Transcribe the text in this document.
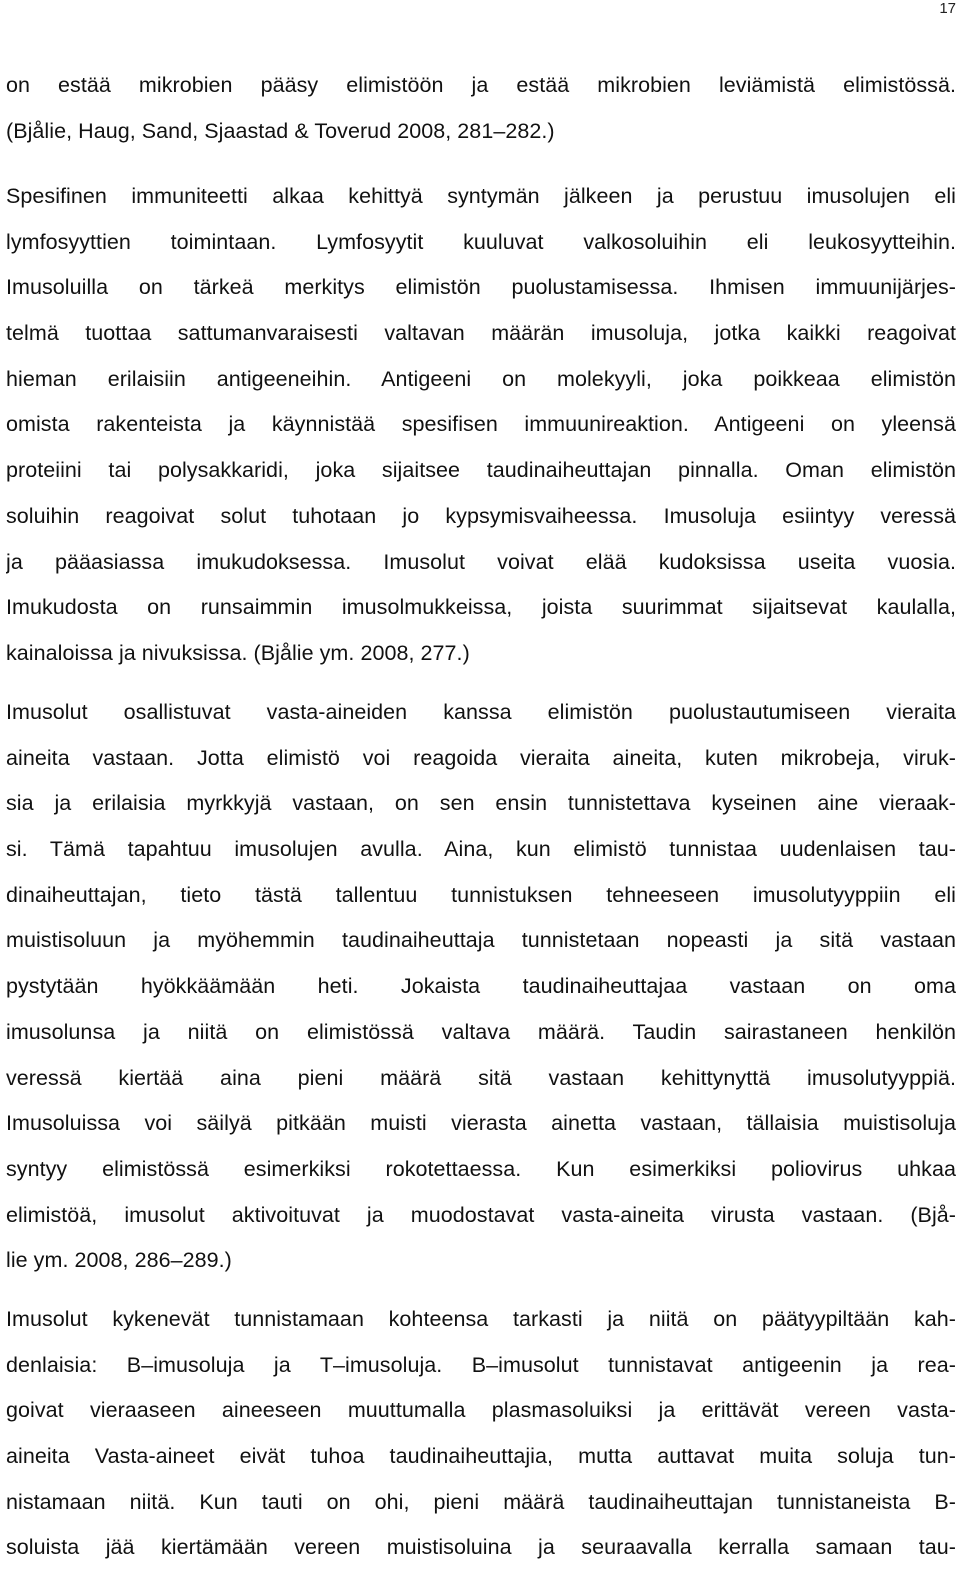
17
on estää mikrobien pääsy elimistöön ja estää mikrobien leviämistä elimistössä.
(Bjålie, Haug, Sand, Sjaastad & Toverud 2008, 281–282.)
Spesifinen immuniteetti alkaa kehittyä syntymän jälkeen ja perustuu imusolujen eli
lymfosyyttien toimintaan. Lymfosyytit kuuluvat valkosoluihin eli leukosyytteihin.
Imusoluilla on tärkeä merkitys elimistön puolustamisessa. Ihmisen immuunijärjes-
telmä tuottaa sattumanvaraisesti valtavan määrän imusoluja, jotka kaikki reagoivat
hieman erilaisiin antigeeneihin. Antigeeni on molekyyli, joka poikkeaa elimistön
omista rakenteista ja käynnistää spesifisen immuunireaktion. Antigeeni on yleensä
proteiini tai polysakkaridi, joka sijaitsee taudinaiheuttajan pinnalla. Oman elimistön
soluihin reagoivat solut tuhotaan jo kypsymisvaiheessa. Imusoluja esiintyy veressä
ja pääasiassa imukudoksessa. Imusolut voivat elää kudoksissa useita vuosia.
Imukudosta on runsaimmin imusolmukkeissa, joista suurimmat sijaitsevat kaulalla,
kainaloissa ja nivuksissa. (Bjålie ym. 2008, 277.)
Imusolut osallistuvat vasta-aineiden kanssa elimistön puolustautumiseen vieraita
aineita vastaan. Jotta elimistö voi reagoida vieraita aineita, kuten mikrobeja, viruk-
sia ja erilaisia myrkkyjä vastaan, on sen ensin tunnistettava kyseinen aine vieraak-
si. Tämä tapahtuu imusolujen avulla. Aina, kun elimistö tunnistaa uudenlaisen tau-
dinaiheuttajan, tieto tästä tallentuu tunnistuksen tehneeseen imusolutyyppiin eli
muistisoluun ja myöhemmin taudinaiheuttaja tunnistetaan nopeasti ja sitä vastaan
pystytään hyökkäämään heti. Jokaista taudinaiheuttajaa vastaan on oma
imusolunsa ja niitä on elimistössä valtava määrä. Taudin sairastaneen henkilön
veressä kiertää aina pieni määrä sitä vastaan kehittynyttä imusolutyyppiä.
Imusoluissa voi säilyä pitkään muisti vierasta ainetta vastaan, tällaisia muistisoluja
syntyy elimistössä esimerkiksi rokotettaessa. Kun esimerkiksi poliovirus uhkaa
elimistöä, imusolut aktivoituvat ja muodostavat vasta-aineita virusta vastaan. (Bjå-
lie ym. 2008, 286–289.)
Imusolut kykenevät tunnistamaan kohteensa tarkasti ja niitä on päätyypiltään kah-
denlaisia: B–imusoluja ja T–imusoluja. B–imusolut tunnistavat antigeenin ja rea-
goivat vieraaseen aineeseen muuttumalla plasmasoluiksi ja erittävät vereen vasta-
aineita Vasta-aineet eivät tuhoa taudinaiheuttajia, mutta auttavat muita soluja tun-
nistamaan niitä. Kun tauti on ohi, pieni määrä taudinaiheuttajan tunnistaneista B-
soluista jää kiertämään vereen muistisoluina ja seuraavalla kerralla samaan tau-
